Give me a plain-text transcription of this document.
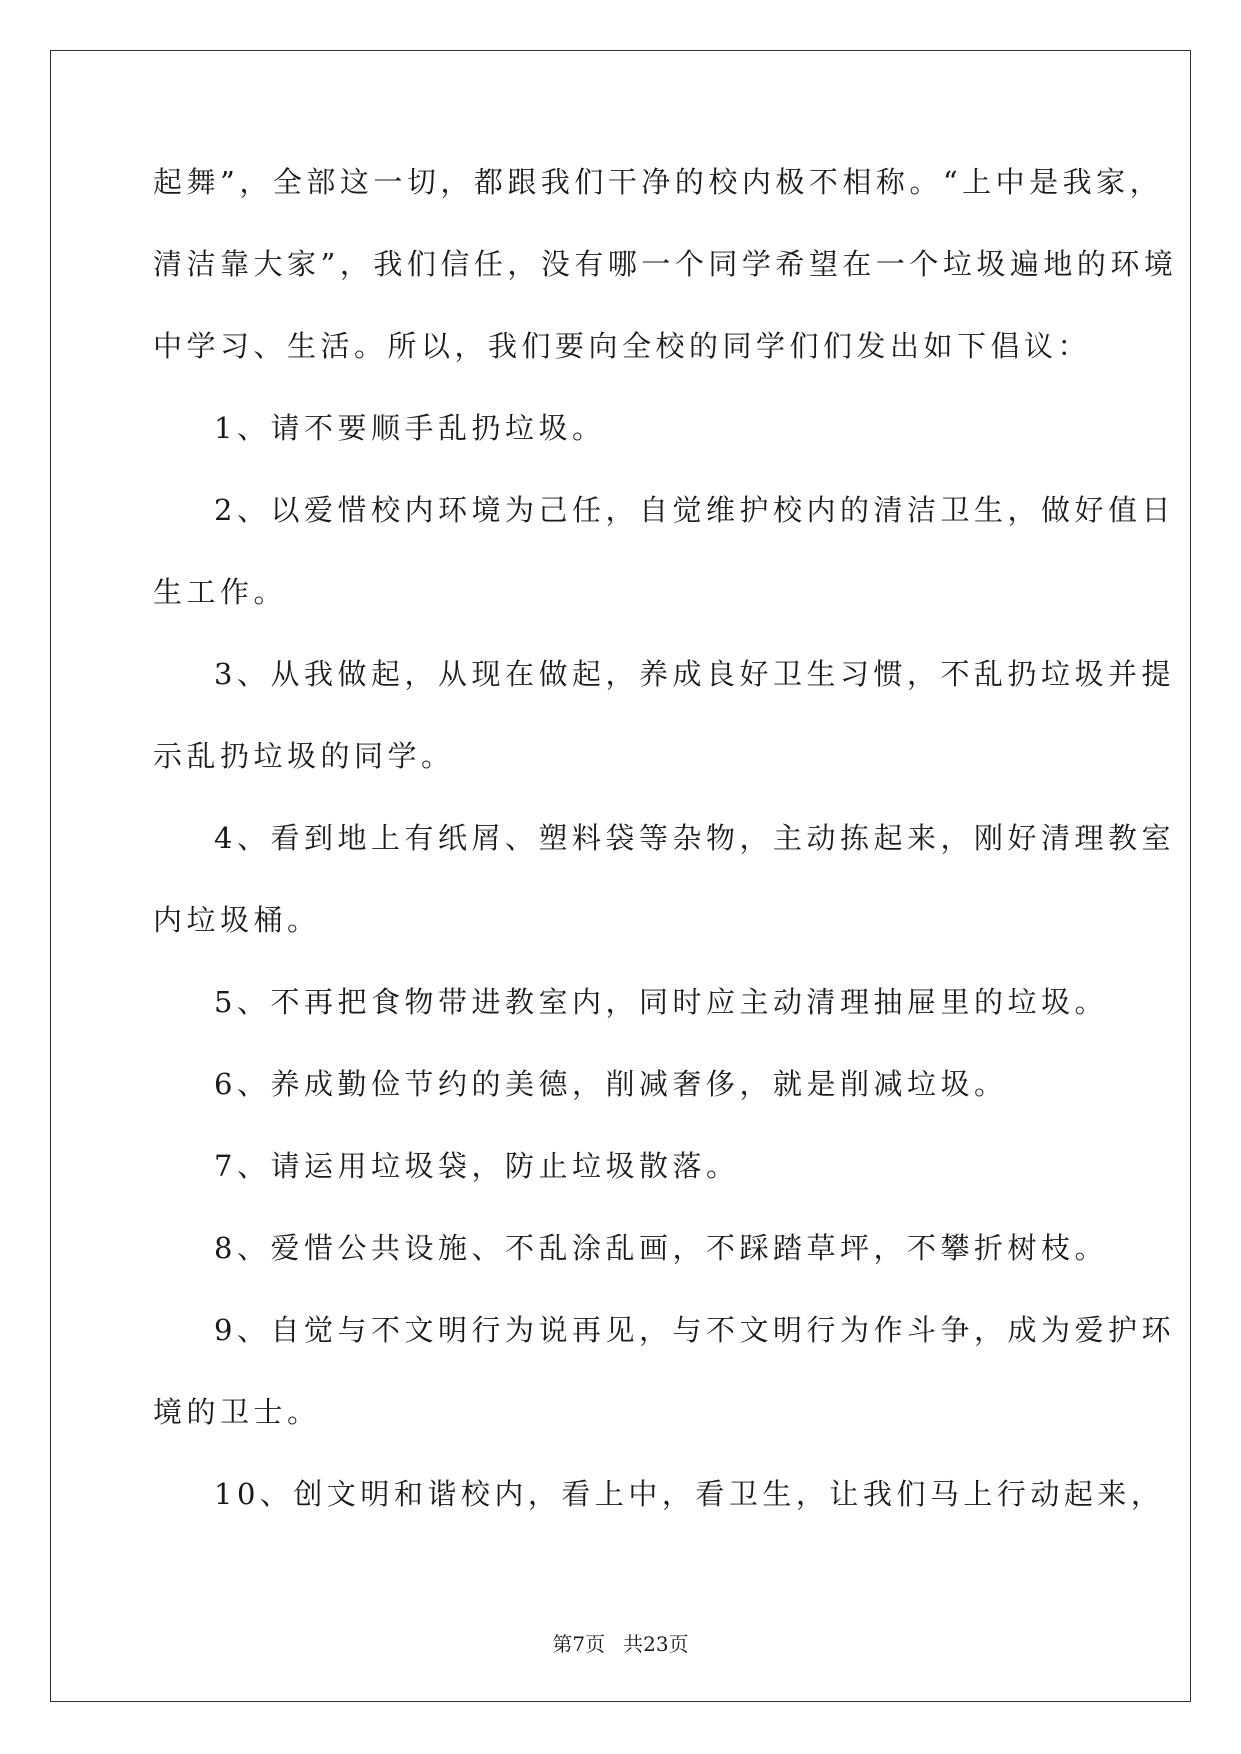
起舞”，全部这一切，都跟我们干净的校内极不相称。“上中是我家，
清洁靠大家”，我们信任，没有哪一个同学希望在一个垃圾遍地的环境
中学习、生活。所以，我们要向全校的同学们们发出如下倡议：
1、请不要顺手乱扔垃圾。
2、以爱惜校内环境为己任，自觉维护校内的清洁卫生，做好值日
生工作。
3、从我做起，从现在做起，养成良好卫生习惯，不乱扔垃圾并提
示乱扔垃圾的同学。
4、看到地上有纸屑、塑料袋等杂物，主动拣起来，刚好清理教室
内垃圾桶。
5、不再把食物带进教室内，同时应主动清理抽屉里的垃圾。
6、养成勤俭节约的美德，削减奢侈，就是削减垃圾。
7、请运用垃圾袋，防止垃圾散落。
8、爱惜公共设施、不乱涂乱画，不踩踏草坪，不攀折树枝。
9、自觉与不文明行为说再见，与不文明行为作斗争，成为爱护环
境的卫士。
10、创文明和谐校内，看上中，看卫生，让我们马上行动起来，
第7页 共23页
